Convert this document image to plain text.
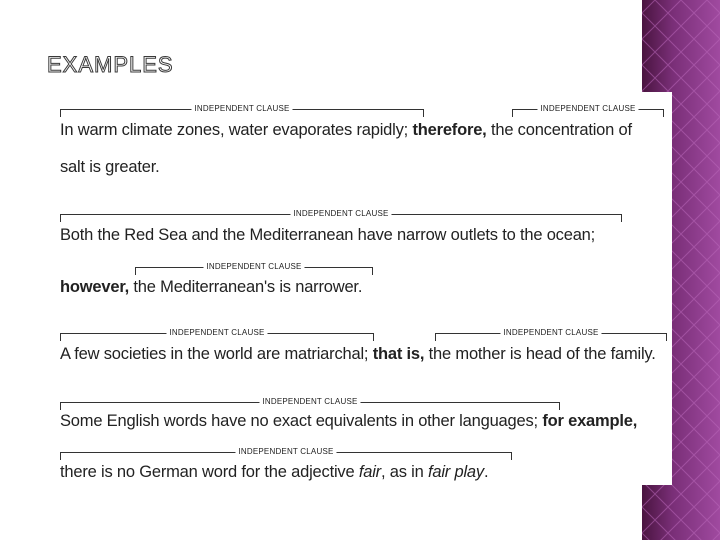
EXAMPLES
INDEPENDENT CLAUSE	INDEPENDENT CLAUSE
In warm climate zones, water evaporates rapidly; therefore, the concentration of
salt is greater.
INDEPENDENT CLAUSE
Both the Red Sea and the Mediterranean have narrow outlets to the ocean;
INDEPENDENT CLAUSE
however, the Mediterranean's is narrower.
INDEPENDENT CLAUSE	INDEPENDENT CLAUSE
A few societies in the world are matriarchal; that is, the mother is head of the family.
INDEPENDENT CLAUSE
Some English words have no exact equivalents in other languages; for example,
INDEPENDENT CLAUSE
there is no German word for the adjective fair, as in fair play.
